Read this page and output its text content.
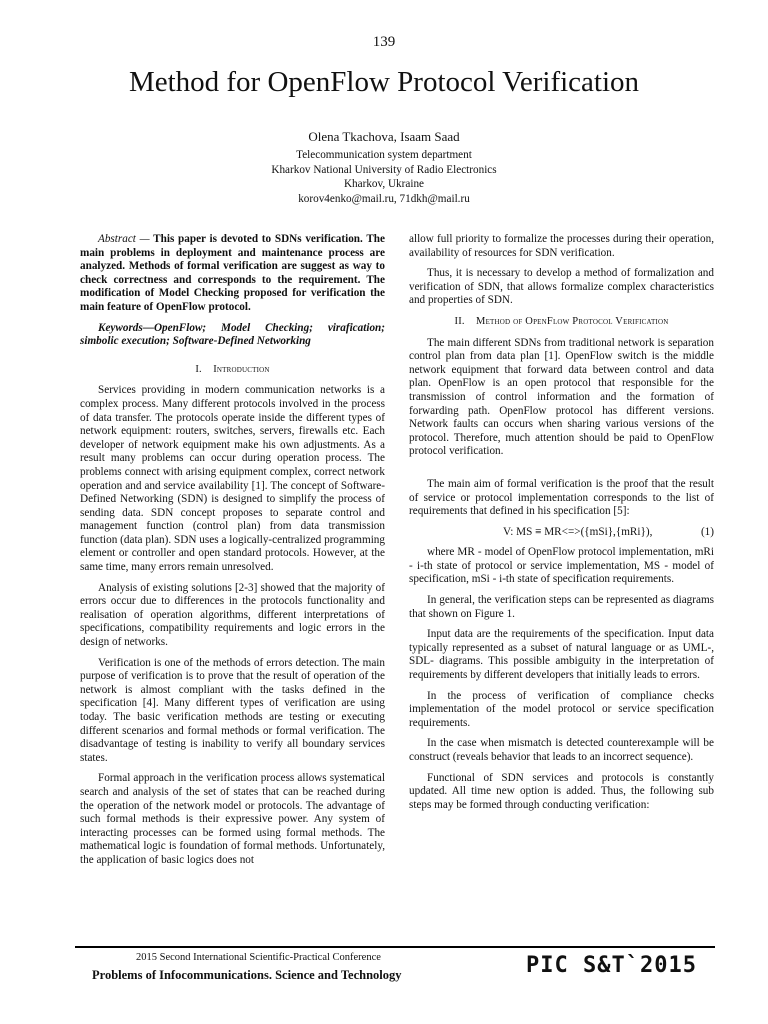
139
Method for OpenFlow Protocol Verification
Olena Tkachova, Isaam Saad
Telecommunication system department
Kharkov National University of Radio Electronics
Kharkov, Ukraine
korov4enko@mail.ru, 71dkh@mail.ru

Abstract — This paper is devoted to SDNs verification. The main problems in deployment and maintenance process are analyzed. Methods of formal verification are suggest as way to check correctness and corresponds to the requirement. The modification of Model Checking proposed for verification the main feature of OpenFlow protocol.

Keywords—OpenFlow; Model Checking; virafication; simbolic execution; Software-Defined Networking

I. Introduction

Services providing in modern communication networks is a complex process. Many different protocols involved in the process of data transfer. The protocols operate inside the different types of network equipment: routers, switches, servers, firewalls etc. Each developer of network equipment make his own adjustments. As a result many problems can occur during operation process. The problems connect with arising equipment complex, correct network operation and and service availability [1]. The concept of Software-Defined Networking (SDN) is designed to simplify the process of sending data. SDN concept proposes to separate control and management function (control plan) from data transmission function (data plan). SDN uses a logically-centralized programming element or controller and open standard protocols. However, at the same time, many errors remain unresolved.

Analysis of existing solutions [2-3] showed that the majority of errors occur due to differences in the protocols functionality and realisation of operation algorithms, different interpretations of specifications, compatibility requirements and logic errors in the design of networks.

Verification is one of the methods of errors detection. The main purpose of verification is to prove that the result of operation of the network is almost compliant with the tasks defined in the specification [4]. Many different types of verification are using today. The basic verification methods are testing or executing different scenarios and formal methods or formal verification. The disadvantage of testing is inability to verify all boundary services states.

Formal approach in the verification process allows systematical search and analysis of the set of states that can be reached during the operation of the network model or protocols. The advantage of such formal methods is their expressive power. Any system of interacting processes can be formed using formal methods. The mathematical logic is foundation of formal methods. Unfortunately, the application of basic logics does not

allow full priority to formalize the processes during their operation, availability of resources for SDN verification.

Thus, it is necessary to develop a method of formalization and verification of SDN, that allows formalize complex characteristics and properties of SDN.

II. Method of OpenFlow Protocol Verification

The main different SDNs from traditional network is separation control plan from data plan [1]. OpenFlow switch is the middle network equipment that forward data between control and data plan. OpenFlow is an open protocol that responsible for the transmission of control information and the formation of forwarding path. OpenFlow protocol has different versions. Network faults can occurs when sharing various versions of the protocol. Therefore, much attention should be paid to OpenFlow protocol verification.

The main aim of formal verification is the proof that the result of service or protocol implementation corresponds to the list of requirements that defined in his specification [5]:

V: MS ≡ MR<=>({mSi},{mRi}),	(1)

where MR - model of OpenFlow protocol implementation, mRi - i-th state of protocol or service implementation, MS - model of specification, mSi - i-th state of specification requirements.

In general, the verification steps can be represented as diagrams that shown on Figure 1.

Input data are the requirements of the specification. Input data typically represented as a subset of natural language or as UML-, SDL- diagrams. This possible ambiguity in the interpretation of requirements by different developers that initially leads to errors.

In the process of verification of compliance checks implementation of the model protocol or service specification requirements.

In the case when mismatch is detected counterexample will be construct (reveals behavior that leads to an incorrect sequence).

Functional of SDN services and protocols is constantly updated. All time new option is added. Thus, the following sub steps may be formed through conducting verification:

2015 Second International Scientific-Practical Conference
Problems of Infocommunications. Science and Technology	PIC S&T`2015
